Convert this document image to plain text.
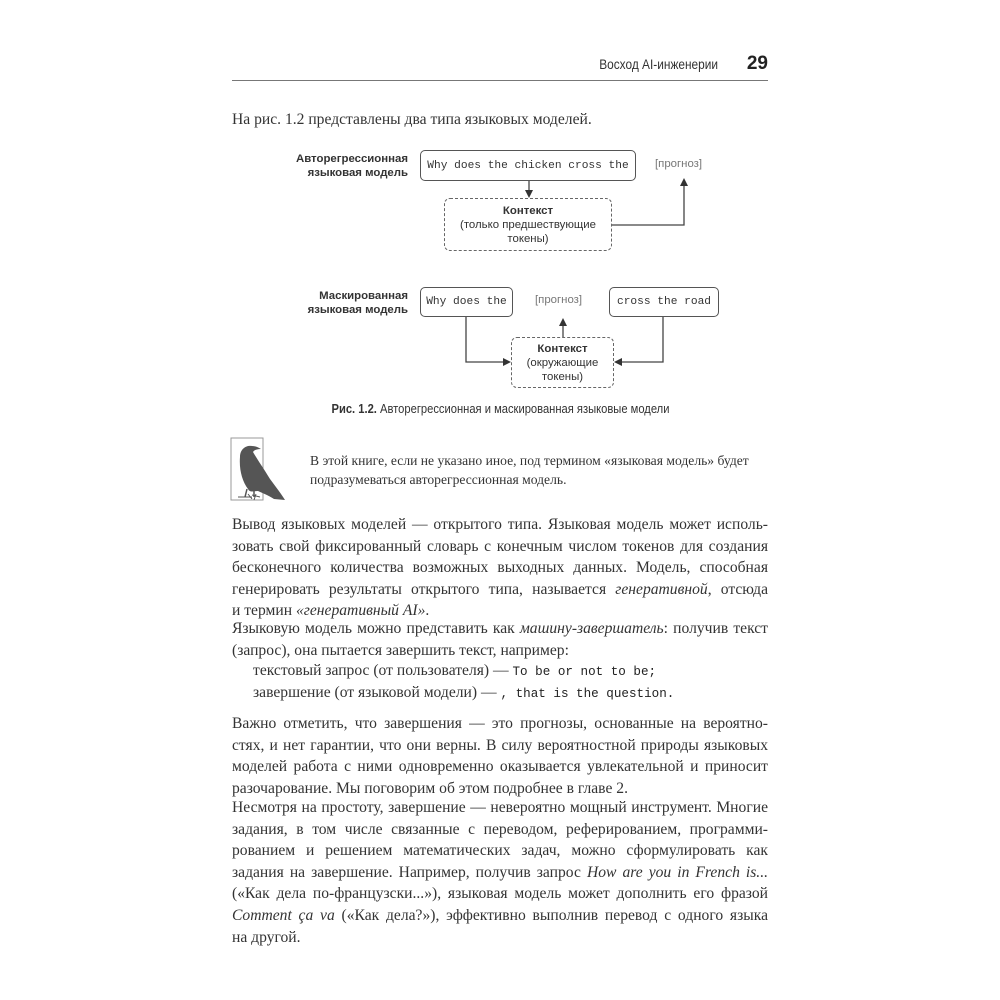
Восход AI-инженерии 29
На рис. 1.2 представлены два типа языковых моделей.
Авторегрессионная
языковая модель
Why does the chicken cross the	[прогноз]
Контекст
(только предшествующие
токены)
Маскированная
языковая модель
Why does the	[прогноз]	cross the road
Контекст
(окружающие
токены)
Рис. 1.2. Авторегрессионная и маскированная языковые модели
В этой книге, если не указано иное, под термином «языковая модель» будет
подразумеваться авторегрессионная модель.
Вывод языковых моделей — открытого типа. Языковая модель может исполь-
зовать свой фиксированный словарь с конечным числом токенов для создания
бесконечного количества возможных выходных данных. Модель, способная
генерировать результаты открытого типа, называется генеративной, отсюда
и термин «генеративный AI».
Языковую модель можно представить как машину-завершатель: получив текст
(запрос), она пытается завершить текст, например:
текстовый запрос (от пользователя) — To be or not to be;
завершение (от языковой модели) — , that is the question.
Важно отметить, что завершения — это прогнозы, основанные на вероятно-
стях, и нет гарантии, что они верны. В силу вероятностной природы языковых
моделей работа с ними одновременно оказывается увлекательной и приносит
разочарование. Мы поговорим об этом подробнее в главе 2.
Несмотря на простоту, завершение — невероятно мощный инструмент. Многие
задания, в том числе связанные с переводом, реферированием, программи-
рованием и решением математических задач, можно сформулировать как
задания на завершение. Например, получив запрос How are you in French is...
(«Как дела по-французски...»), языковая модель может дополнить его фразой
Comment ça va («Как дела?»), эффективно выполнив перевод с одного языка
на другой.
